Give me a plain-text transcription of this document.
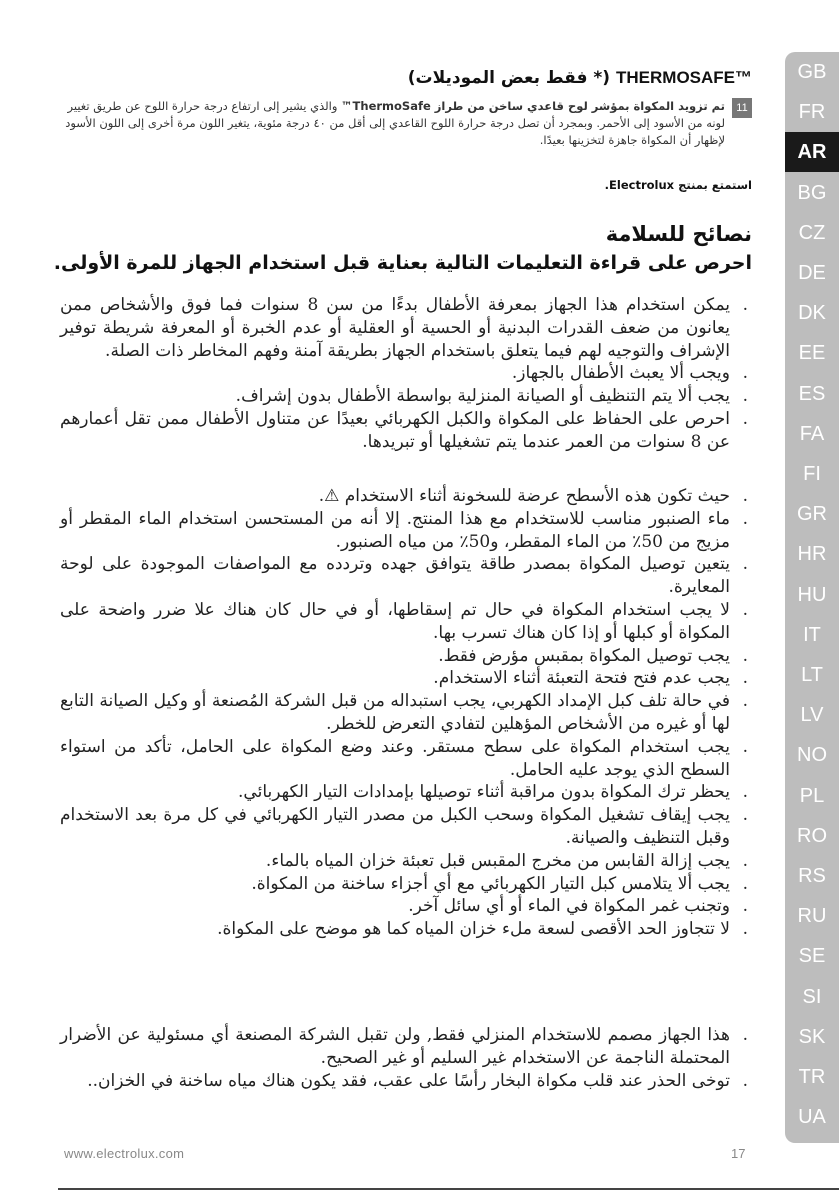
THERMOSAFE™ (* فقط بعض الموديلات)
11
تم تزويد المكواة بمؤشر لوح قاعدي ساخن من طراز ThermoSafe™ والذي يشير إلى ارتفاع درجة حرارة اللوح عن طريق تغيير لونه من الأسود إلى الأحمر. وبمجرد أن تصل درجة حرارة اللوح القاعدي إلى أقل من ٤٠ درجة مئوية، يتغير اللون مرة أخرى إلى اللون الأسود لإظهار أن المكواة جاهزة لتخزينها بعيدًا.
استمتع بمنتج Electrolux.
نصائح للسلامة
احرص على قراءة التعليمات التالية بعناية قبل استخدام الجهاز للمرة الأولى.
. يمكن استخدام هذا الجهاز بمعرفة الأطفال بدءًا من سن 8 سنوات فما فوق والأشخاص ممن يعانون من ضعف القدرات البدنية أو الحسية أو العقلية أو عدم الخبرة أو المعرفة شريطة توفير الإشراف والتوجيه لهم فيما يتعلق باستخدام الجهاز بطريقة آمنة وفهم المخاطر ذات الصلة.
. ويجب ألا يعبث الأطفال بالجهاز.
. يجب ألا يتم التنظيف أو الصيانة المنزلية بواسطة الأطفال بدون إشراف.
. احرص على الحفاظ على المكواة والكبل الكهربائي بعيدًا عن متناول الأطفال ممن تقل أعمارهم عن 8 سنوات من العمر عندما يتم تشغيلها أو تبريدها.
. حيث تكون هذه الأسطح عرضة للسخونة أثناء الاستخدام ⚠.
. ماء الصنبور مناسب للاستخدام مع هذا المنتج. إلا أنه من المستحسن استخدام الماء المقطر أو مزيج من 50٪ من الماء المقطر، و50٪ من مياه الصنبور.
. يتعين توصيل المكواة بمصدر طاقة يتوافق جهده وتردده مع المواصفات الموجودة على لوحة المعايرة.
. لا يجب استخدام المكواة في حال تم إسقاطها، أو في حال كان هناك علا ضرر واضحة على المكواة أو كبلها أو إذا كان هناك تسرب بها.
. يجب توصيل المكواة بمقبس مؤرض فقط.
. يجب عدم فتح فتحة التعبئة أثناء الاستخدام.
. في حالة تلف كبل الإمداد الكهربي، يجب استبداله من قبل الشركة المُصنعة أو وكيل الصيانة التابع لها أو غيره من الأشخاص المؤهلين لتفادي التعرض للخطر.
. يجب استخدام المكواة على سطح مستقر. وعند وضع المكواة على الحامل، تأكد من استواء السطح الذي يوجد عليه الحامل.
. يحظر ترك المكواة بدون مراقبة أثناء توصيلها بإمدادات التيار الكهربائي.
. يجب إيقاف تشغيل المكواة وسحب الكبل من مصدر التيار الكهربائي في كل مرة بعد الاستخدام وقبل التنظيف والصيانة.
. يجب إزالة القابس من مخرج المقبس قبل تعبئة خزان المياه بالماء.
. يجب ألا يتلامس كبل التيار الكهربائي مع أي أجزاء ساخنة من المكواة.
. وتجنب غمر المكواة في الماء أو أي سائل آخر.
. لا تتجاوز الحد الأقصى لسعة ملء خزان المياه كما هو موضح على المكواة.
. هذا الجهاز مصمم للاستخدام المنزلي فقط, ولن تقبل الشركة المصنعة أي مسئولية عن الأضرار المحتملة الناجمة عن الاستخدام غير السليم أو غير الصحيح.
. توخى الحذر عند قلب مكواة البخار رأسًا على عقب، فقد يكون هناك مياه ساخنة في الخزان..
www.electrolux.com	17
GB
FR
AR
BG
CZ
DE
DK
EE
ES
FA
FI
GR
HR
HU
IT
LT
LV
NO
PL
RO
RS
RU
SE
SI
SK
TR
UA
